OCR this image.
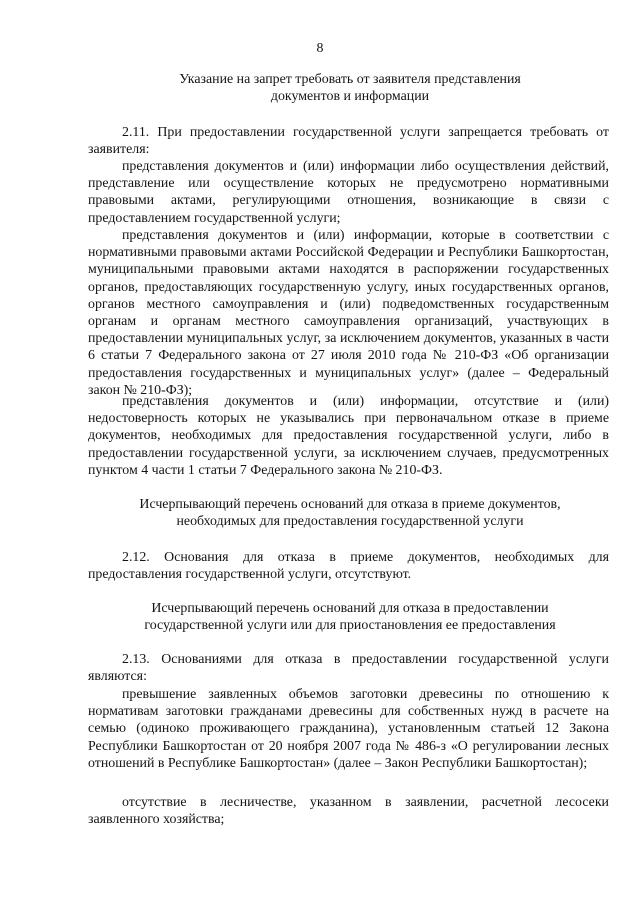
8
Указание на запрет требовать от заявителя представления
документов и информации

2.11. При предоставлении государственной услуги запрещается требовать от заявителя:

представления документов и (или) информации либо осуществления действий, представление или осуществление которых не предусмотрено нормативными правовыми актами, регулирующими отношения, возникающие в связи с предоставлением государственной услуги;

представления документов и (или) информации, которые в соответствии с нормативными правовыми актами Российской Федерации и Республики Башкортостан, муниципальными правовыми актами находятся в распоряжении государственных органов, предоставляющих государственную услугу, иных государственных органов, органов местного самоуправления и (или) подведомственных государственным органам и органам местного самоуправления организаций, участвующих в предоставлении муниципальных услуг, за исключением документов, указанных в части 6 статьи 7 Федерального закона от 27 июля 2010 года № 210-ФЗ «Об организации предоставления государственных и муниципальных услуг» (далее – Федеральный закон № 210-ФЗ);

представления документов и (или) информации, отсутствие и (или) недостоверность которых не указывались при первоначальном отказе в приеме документов, необходимых для предоставления государственной услуги, либо в предоставлении государственной услуги, за исключением случаев, предусмотренных пунктом 4 части 1 статьи 7 Федерального закона № 210-ФЗ.

Исчерпывающий перечень оснований для отказа в приеме документов,
необходимых для предоставления государственной услуги

2.12. Основания для отказа в приеме документов, необходимых для предоставления государственной услуги, отсутствуют.

Исчерпывающий перечень оснований для отказа в предоставлении
государственной услуги или для приостановления ее предоставления

2.13. Основаниями для отказа в предоставлении государственной услуги являются:

превышение заявленных объемов заготовки древесины по отношению к нормативам заготовки гражданами древесины для собственных нужд в расчете на семью (одиноко проживающего гражданина), установленным статьей 12 Закона Республики Башкортостан от 20 ноября 2007 года № 486-з «О регулировании лесных отношений в Республике Башкортостан» (далее – Закон Республики Башкортостан);

отсутствие в лесничестве, указанном в заявлении, расчетной лесосеки заявленного хозяйства;
